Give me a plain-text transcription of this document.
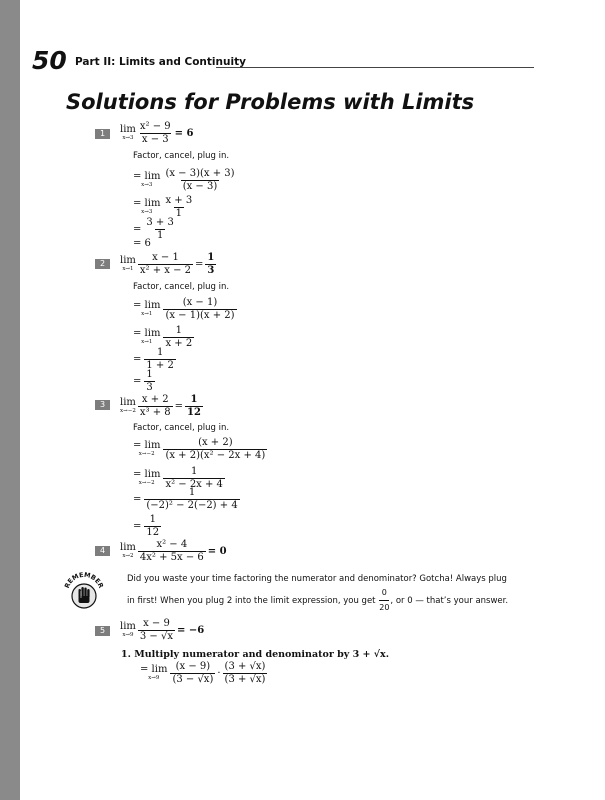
50 Part II: Limits and Continuity
Solutions for Problems with Limits
1	lim
$x\to 3 \frac{\text{x² − 9}}{x - 3} = 6$
Factor, cancel, plug in.
= lim
$x\to 3 \frac{(x - 3)(x + 3)}{(x - 3)}$
= lim
$x\to 3 \frac{x + 3}{1}$
= $\frac{3 + 3}{1}$
= 6
2	lim
$x\to 1 \frac{x - 1}{\text{x² + x − 2}} = \frac{1}{3}$
Factor, cancel, plug in.
= lim
$x\to 1 \frac{(x - 1)}{(x - 1)(x + 2)}$
= lim
$x\to 1 \frac{1}{x + 2}$
= $\frac{1}{1 + 2}$
= $\frac{1}{3}$
3	lim
$x\to-2 \frac{x + 2}{\text{x³ + 8}} = \frac{1}{12}$
Factor, cancel, plug in.
= lim
$x\to-2 \frac{(x + 2)}{\text{(x + 2)(x² − 2x + 4)}}$
= lim
$x\to-2 \frac{1}{\text{x² − 2x + 4}}$
= $\frac{1}{\text{(−2)² − 2(−2) + 4}}$
= $\frac{1}{12}$
4	lim
$x\to 2 \frac{\text{x² − 4}}{\text{4x² + 5x − 6}} = 0$
REMEMBER
Did you waste your time factoring the numerator and denominator? Gotcha! Always plug in first! When you plug 2 into the limit expression, you get $\frac{0}{20}$ , or 0 — that’s your answer.
5	lim
$x\to 9 \frac{x - 9}{3 - √x} = -6$
1. Multiply numerator and denominator by 3 + √x.
= lim
$x\to 9 \frac{(x - 9)}{(3 - √x)} \cdot \frac{(3 + √x)}{(3 + √x)}$
